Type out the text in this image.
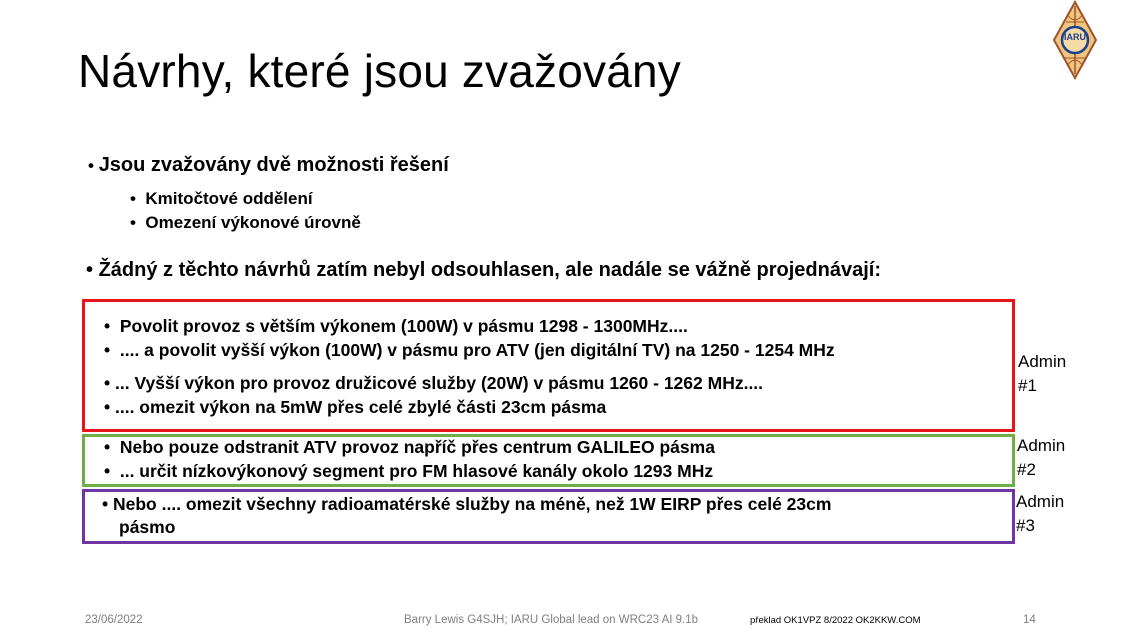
IARU
Návrhy, které jsou zvažovány
• Jsou zvažovány dvě možnosti řešení
•  Kmitočtové oddělení
•  Omezení výkonové úrovně
• Žádný z těchto návrhů zatím nebyl odsouhlasen, ale nadále se vážně projednávají:
•  Povolit provoz s větším výkonem (100W) v pásmu 1298 - 1300MHz....
•  .... a povolit vyšší výkon (100W) v pásmu pro ATV (jen digitální TV) na 1250 - 1254 MHz
• ... Vyšší výkon pro provoz družicové služby (20W) v pásmu 1260 - 1262 MHz....
• .... omezit výkon na 5mW přes celé zbylé části 23cm pásma
Admin
#1
•  Nebo pouze odstranit ATV provoz napříč přes centrum GALILEO pásma
•  ... určit nízkovýkonový segment pro FM hlasové kanály okolo 1293 MHz
Admin
#2
• Nebo .... omezit všechny radioamatérské služby na méně, než 1W EIRP přes celé 23cm
pásmo
Admin
#3
23/06/2022	Barry Lewis G4SJH; IARU Global lead on WRC23 AI 9.1b	překlad OK1VPZ 8/2022 OK2KKW.COM	14
